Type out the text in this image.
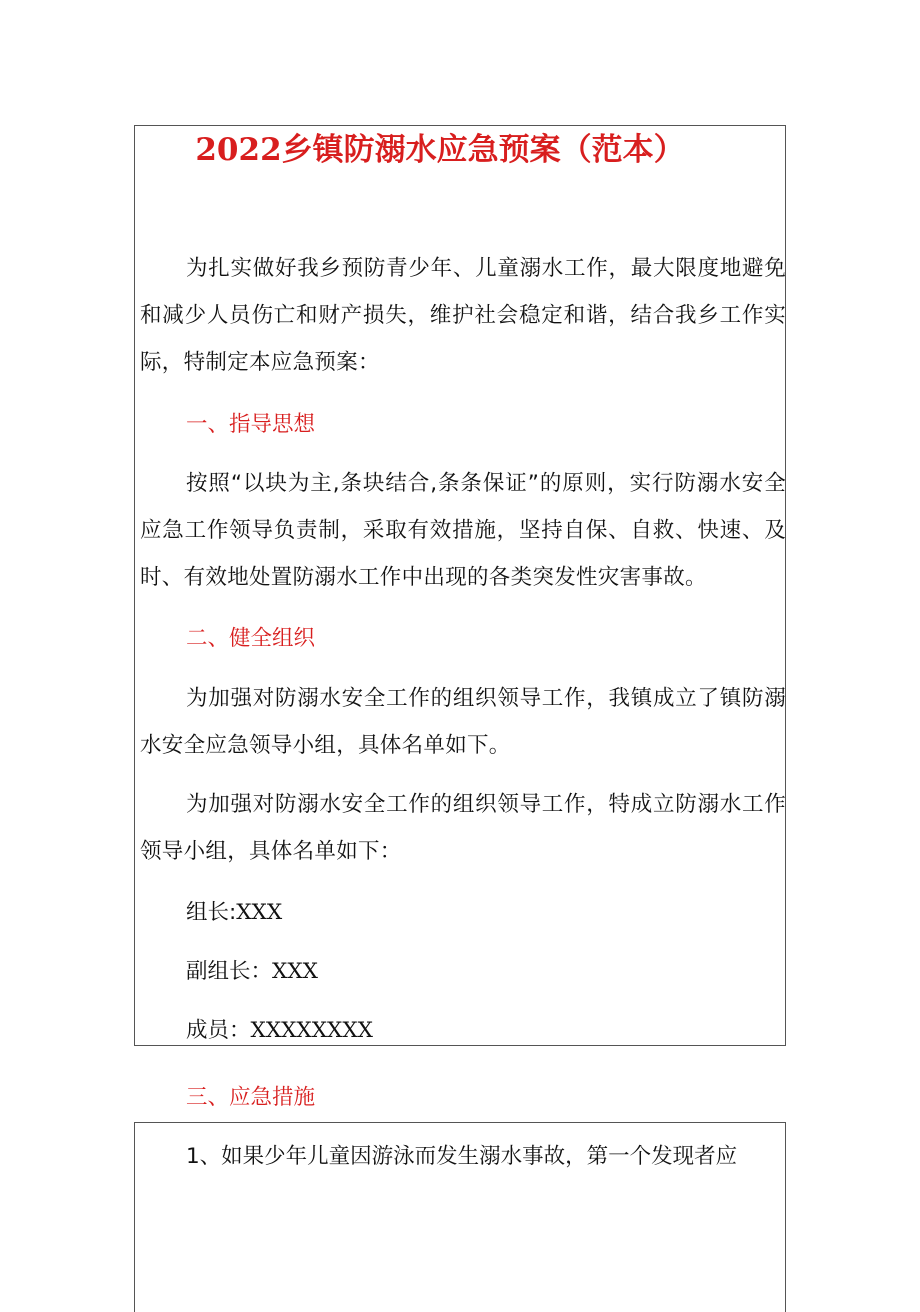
2022乡镇防溺水应急预案（范本）

为扎实做好我乡预防青少年、儿童溺水工作，最大限度地避免和减少人员伤亡和财产损失，维护社会稳定和谐，结合我乡工作实际，特制定本应急预案：

一、指导思想

按照“以块为主,条块结合,条条保证”的原则，实行防溺水安全应急工作领导负责制，采取有效措施，坚持自保、自救、快速、及时、有效地处置防溺水工作中出现的各类突发性灾害事故。

二、健全组织

为加强对防溺水安全工作的组织领导工作，我镇成立了镇防溺水安全应急领导小组，具体名单如下。

为加强对防溺水安全工作的组织领导工作，特成立防溺水工作领导小组，具体名单如下：

组长:XXX

副组长：XXX

成员：XXXXXXXX

三、应急措施

1、如果少年儿童因游泳而发生溺水事故，第一个发现者应
